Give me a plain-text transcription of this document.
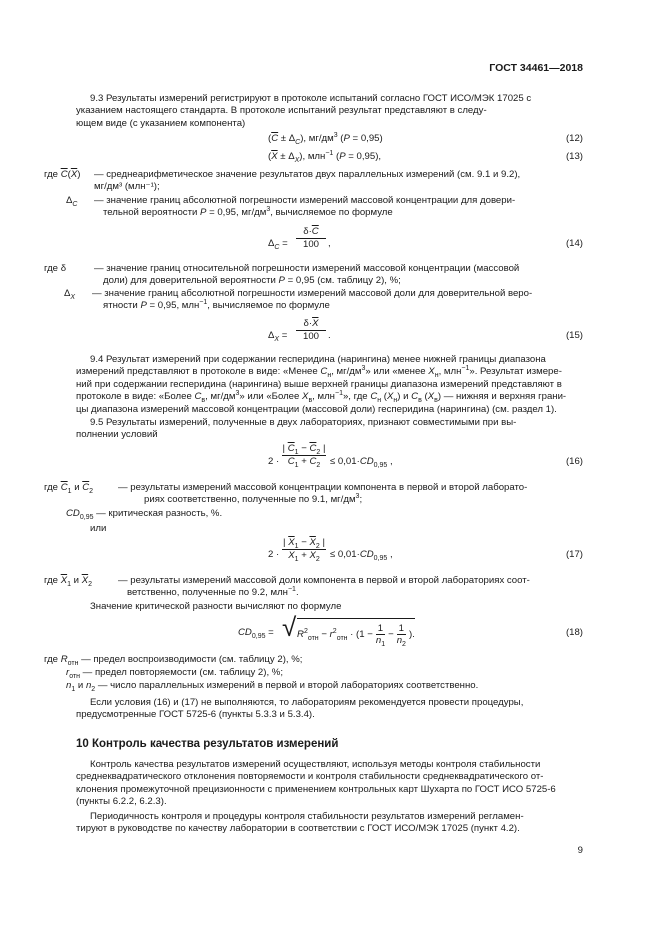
ГОСТ 34461—2018
9.3 Результаты измерений регистрируют в протоколе испытаний согласно ГОСТ ИСО/МЭК 17025 с
указанием настоящего стандарта. В протоколе испытаний результат представляют в следу-
ющем виде (с указанием компонента)
$(\overline{C} \pm \Delta_C)$, $мг/дм^3$ (P = 0,95)	(12)
$(\overline{X} \pm \Delta_X)$, млн$^{-1}$ (P = 0,95),	(13)
где $\overline{C}(\overline{X})$ — среднеарифметическое значение результатов двух параллельных измерений (см. 9.1 и 9.2),
мг/дм³ (млн⁻¹);
$\Delta_C$ — значение границ абсолютной погрешности измерений массовой концентрации для довери-
тельной вероятности P = 0,95, $мг/дм^3$, вычисляемое по формуле
$\Delta_C = \frac{\delta\cdot\overline{C}}{100}$ ,	(14)
где δ	— значение границ относительной погрешности измерений массовой концентрации (массовой
доли) для доверительной вероятности P = 0,95 (см. таблицу 2), %;
$\Delta_X$ — значение границ абсолютной погрешности измерений массовой доли для доверительной веро-
ятности P = 0,95, млн$^{-1}$, вычисляемое по формуле
$\Delta_X = \frac{\delta\cdot\overline{X}}{100}$ .	(15)
9.4 Результат измерений при содержании гесперидина (нарингина) менее нижней границы диапазона
измерений представляют в протоколе в виде: «Менее $C_н$, $мг/дм^3$» или «менее $X_н$, млн$^{-1}$». Результат измере-
ний при содержании гесперидина (нарингина) выше верхней границы диапазона измерений представляют в
протоколе в виде: «Более $C_в$, $мг/дм^3$» или «Более $X_в$, млн$^{-1}$», где $C_н$ $(X_н)$ и $C_в$ $(X_в)$ — нижняя и верхняя грани-
цы диапазона измерений массовой концентрации (массовой доли) гесперидина (нарингина) (см. раздел 1).
9.5 Результаты измерений, полученные в двух лабораториях, признают совместимыми при вы-
полнении условий
$2 \cdot \frac{| \overline{C}_1 - \overline{C}_2 |}{\overline{C}_1 + \overline{C}_2} \le 0,01\cdot CD_{0,95}$ ,	(16)
где $\overline{C}_1$ и $\overline{C}_2$	— результаты измерений массовой концентрации компонента в первой и второй лаборато-
риях соответственно, полученные по 9.1, $мг/дм^3$;
$CD_{0,95}$ — критическая разность, %.
или
$2 \cdot \frac{| \overline{X}_1 - \overline{X}_2 |}{\overline{X}_1 + \overline{X}_2} \le 0,01\cdot CD_{0,95}$ ,	(17)
где $\overline{X}_1$ и $\overline{X}_2$	— результаты измерений массовой доли компонента в первой и второй лабораториях соот-
ветственно, полученные по 9.2, млн$^{-1}$.
Значение критической разности вычисляют по формуле
$CD_{0,95}$ = √ $R^2_{отн} - r^2_{отн} \cdot (1 - \frac{1}{n_1} - \frac{1}{n_2}$ ).	(18)
где $R_{отн}$ — предел воспроизводимости (см. таблицу 2), %;
$r_{отн}$ — предел повторяемости (см. таблицу 2), %;
$n_1$ и $n_2$ — число параллельных измерений в первой и второй лабораториях соответственно.
Если условия (16) и (17) не выполняются, то лабораториям рекомендуется провести процедуры,
предусмотренные ГОСТ 5725-6 (пункты 5.3.3 и 5.3.4).
10 Контроль качества результатов измерений
Контроль качества результатов измерений осуществляют, используя методы контроля стабильности
среднеквадратического отклонения повторяемости и контроля стабильности среднеквадратического от-
клонения промежуточной прецизионности с применением контрольных карт Шухарта по ГОСТ ИСО 5725-6
(пункты 6.2.2, 6.2.3).
Периодичность контроля и процедуры контроля стабильности результатов измерений регламен-
тируют в руководстве по качеству лаборатории в соответствии с ГОСТ ИСО/МЭК 17025 (пункт 4.2).
9
